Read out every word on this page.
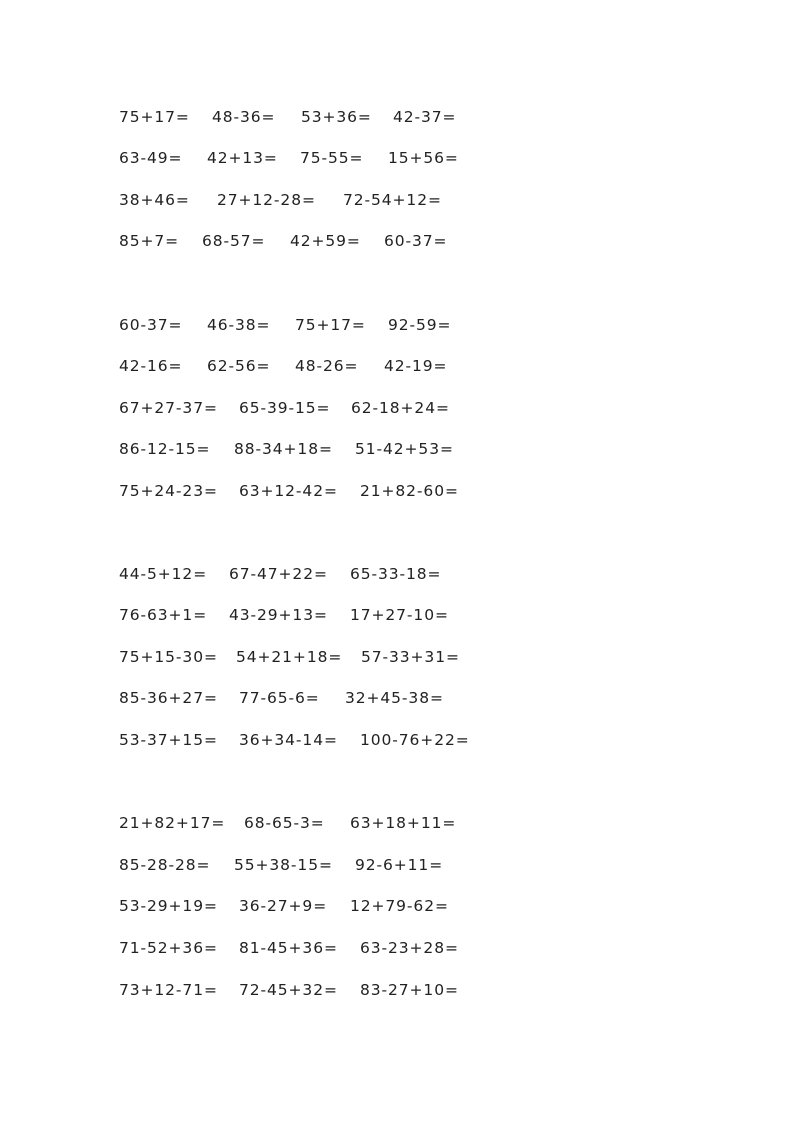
75+17= 48-36= 53+36= 42-37=
63-49= 42+13= 75-55= 15+56=
38+46= 27+12-28= 72-54+12=
85+7= 68-57= 42+59= 60-37=
60-37= 46-38= 75+17= 92-59=
42-16= 62-56= 48-26= 42-19=
67+27-37= 65-39-15= 62-18+24=
86-12-15= 88-34+18= 51-42+53=
75+24-23= 63+12-42= 21+82-60=
44-5+12= 67-47+22= 65-33-18=
76-63+1= 43-29+13= 17+27-10=
75+15-30= 54+21+18= 57-33+31=
85-36+27= 77-65-6= 32+45-38=
53-37+15= 36+34-14= 100-76+22=
21+82+17= 68-65-3= 63+18+11=
85-28-28= 55+38-15= 92-6+11=
53-29+19= 36-27+9= 12+79-62=
71-52+36= 81-45+36= 63-23+28=
73+12-71= 72-45+32= 83-27+10=
